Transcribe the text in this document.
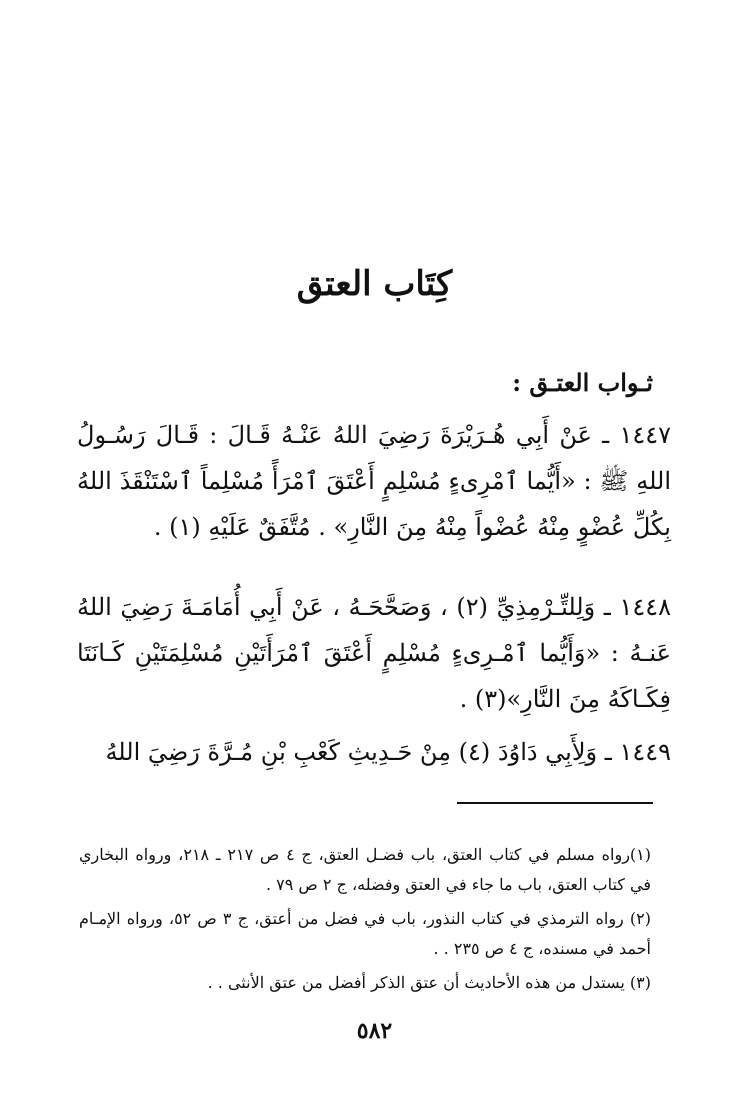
كِتَاب العتق
ثـواب العتـق :
١٤٤٧ ـ عَنْ أَبِي هُـرَيْرَةَ رَضِيَ اللهُ عَنْـهُ قَـالَ : قَـالَ رَسُـولُ اللهِ ﷺ : «أَيُّما ٱمْرِىءٍ مُسْلِمٍ أَعْتَقَ ٱمْرَأً مُسْلِماً ٱسْتَنْقَذَ اللهُ بِكُلِّ عُضْوٍ مِنْهُ عُضْواً مِنْهُ مِنَ النَّارِ» . مُتَّفَقٌ عَلَيْهِ (١) .
١٤٤٨ ـ وَلِلتِّـرْمِذِيِّ (٢) ، وَصَحَّحَـهُ ، عَنْ أَبِي أُمَامَـةَ رَضِيَ اللهُ عَنـهُ : «وَأَيُّما ٱمْـرِىءٍ مُسْلِمٍ أَعْتَقَ ٱمْرَأَتَيْنِ مُسْلِمَتَيْنِ كَـانَتَا فِكَـاكَهُ مِنَ النَّارِ»(٣) .
١٤٤٩ ـ وَلِأَبِي دَاوُدَ (٤) مِنْ حَـدِيثِ كَعْبِ بْنِ مُـرَّةَ رَضِيَ اللهُ

(١)رواه مسلم في كتاب العتق، باب فضـل العتق، ج ٤ ص ٢١٧ ـ ٢١٨، ورواه البخاري في كتاب العتق، باب ما جاء في العتق وفضله، ج ٢ ص ٧٩ .

(٢) رواه الترمذي في كتاب النذور، باب في فضل من أعتق، ج ٣ ص ٥٢، ورواه الإمـام أحمد في مسنده، ج ٤ ص ٢٣٥ . .

(٣) يستدل من هذه الأحاديث أن عتق الذكر أفضل من عتق الأنثى . .

٥٨٢
